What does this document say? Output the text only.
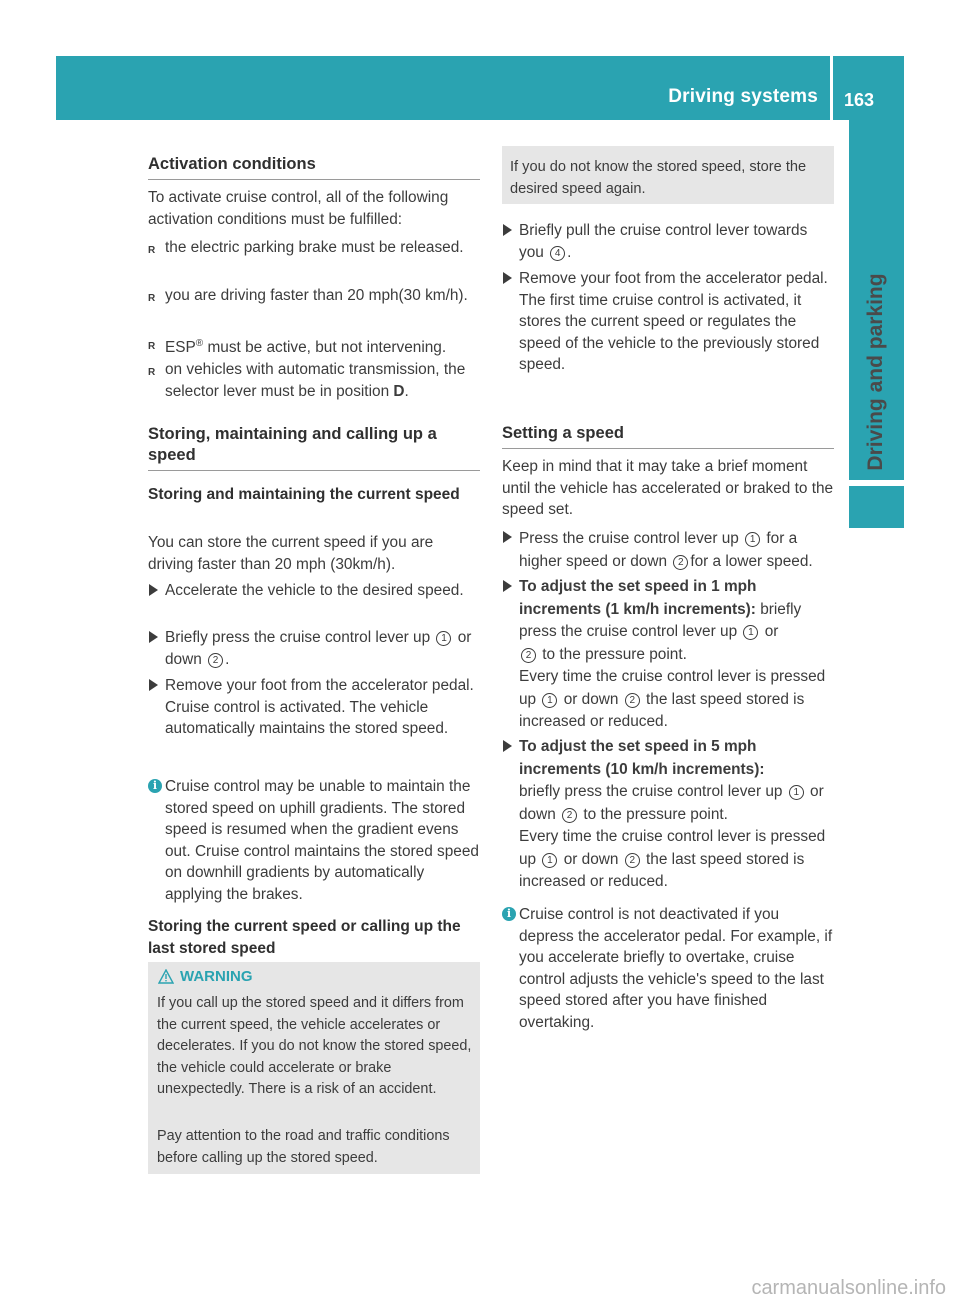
Driving systems 163
Driving and parking
Activation conditions
To activate cruise control, all of the following activation conditions must be fulfilled:
R the electric parking brake must be released.
R you are driving faster than 20 mph(30 km/h).
R ESP® must be active, but not intervening.
R on vehicles with automatic transmission, the selector lever must be in position D.
Storing, maintaining and calling up a speed
Storing and maintaining the current speed
You can store the current speed if you are driving faster than 20 mph (30km/h).
Accelerate the vehicle to the desired speed.
Briefly press the cruise control lever up 1 or down 2 .
Remove your foot from the accelerator pedal.
Cruise control is activated. The vehicle automatically maintains the stored speed.
i Cruise control may be unable to maintain the stored speed on uphill gradients. The stored speed is resumed when the gradient evens out. Cruise control maintains the stored speed on downhill gradients by automatically applying the brakes.
Storing the current speed or calling up the last stored speed
WARNING
If you call up the stored speed and it differs from the current speed, the vehicle accelerates or decelerates. If you do not know the stored speed, the vehicle could accelerate or brake unexpectedly. There is a risk of an accident.
Pay attention to the road and traffic conditions before calling up the stored speed.
If you do not know the stored speed, store the desired speed again.
Briefly pull the cruise control lever towards you 4 .
Remove your foot from the accelerator pedal.
The first time cruise control is activated, it stores the current speed or regulates the speed of the vehicle to the previously stored speed.
Setting a speed
Keep in mind that it may take a brief moment until the vehicle has accelerated or braked to the speed set.
Press the cruise control lever up 1 for a higher speed or down 2 for a lower speed.
To adjust the set speed in 1 mph increments (1 km/h increments): briefly press the cruise control lever up 1 or
2 to the pressure point.
Every time the cruise control lever is pressed up 1 or down 2 the last speed stored is increased or reduced.
To adjust the set speed in 5 mph increments (10 km/h increments):
briefly press the cruise control lever up 1 or down 2 to the pressure point.
Every time the cruise control lever is pressed up 1 or down 2 the last speed stored is increased or reduced.
i Cruise control is not deactivated if you depress the accelerator pedal. For example, if you accelerate briefly to overtake, cruise control adjusts the vehicle's speed to the last speed stored after you have finished overtaking.
carmanualsonline.info
